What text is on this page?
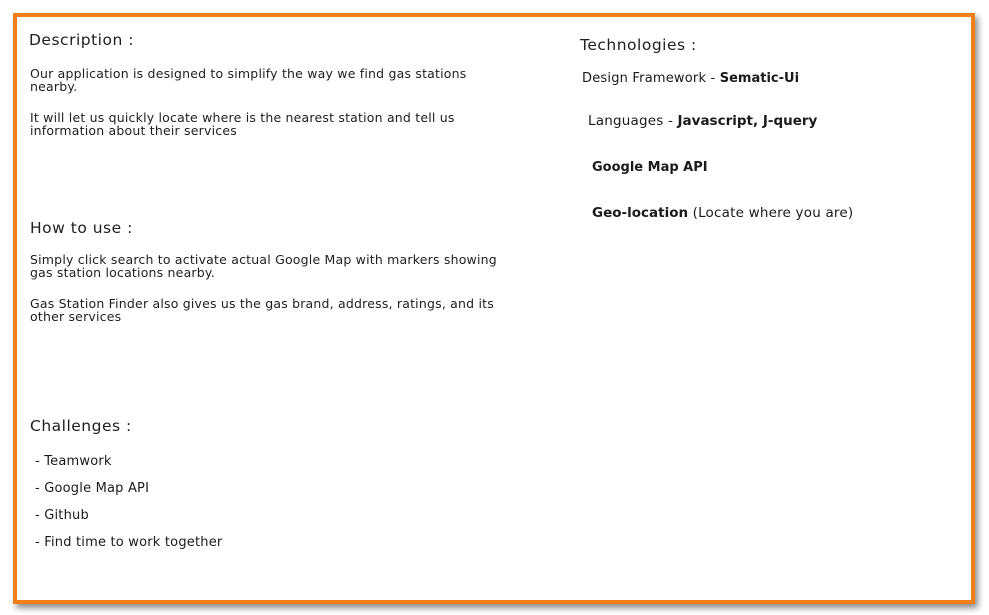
Description :
Our application is designed to simplify the way we find gas stations nearby.
It will let us quickly locate where is the nearest station and tell us information about their services
How to use :
Simply click search to activate actual Google Map with markers showing gas station locations nearby.
Gas Station Finder also gives us the gas brand, address, ratings, and its other services
Challenges :
- Teamwork
- Google Map API
- Github
- Find time to work together
Technologies :
Design Framework - Sematic-Ui
Languages - Javascript, J-query
Google Map API
Geo-location (Locate where you are)
